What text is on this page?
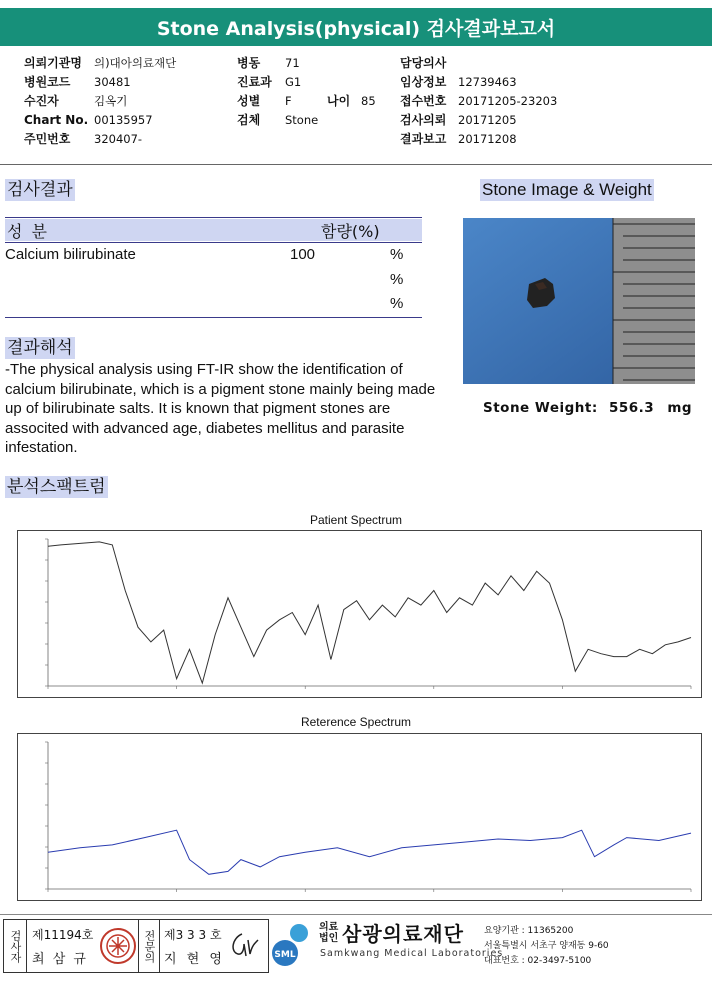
Stone Analysis(physical) 검사결과보고서
의뢰기관명 의)대아의료재단
병원코드 30481
수진자	김옥기
Chart No. 00135957
주민번호 320407-
병동 71
진료과 G1
성별 F	나이 85
검체 Stone
담당의사
임상정보 12739463
접수번호 20171205-23203
검사의뢰 20171205
결과보고 20171208
검사결과
성 분	함량(%)
Calcium bilirubinate	100	%
%
%
Stone Image & Weight
Stone Weight: 556.3 mg
결과해석
-The physical analysis using FT-IR show the identification of calcium bilirubinate, which is a pigment stone mainly being made up of bilirubinate salts. It is known that pigment stones are associted with advanced age, diabetes mellitus and parasite infestation.
분석스팩트럼
Patient Spectrum
Reterence Spectrum
검사자 제11194호
최 삼 규	전문의 제3 3 3 호
지 현 영	SML
의료법인 삼광의료재단
Samkwang Medical Laboratories
요양기관 : 11365200
서울특별시 서초구 양재동 9-60
대표번호 : 02-3497-5100
